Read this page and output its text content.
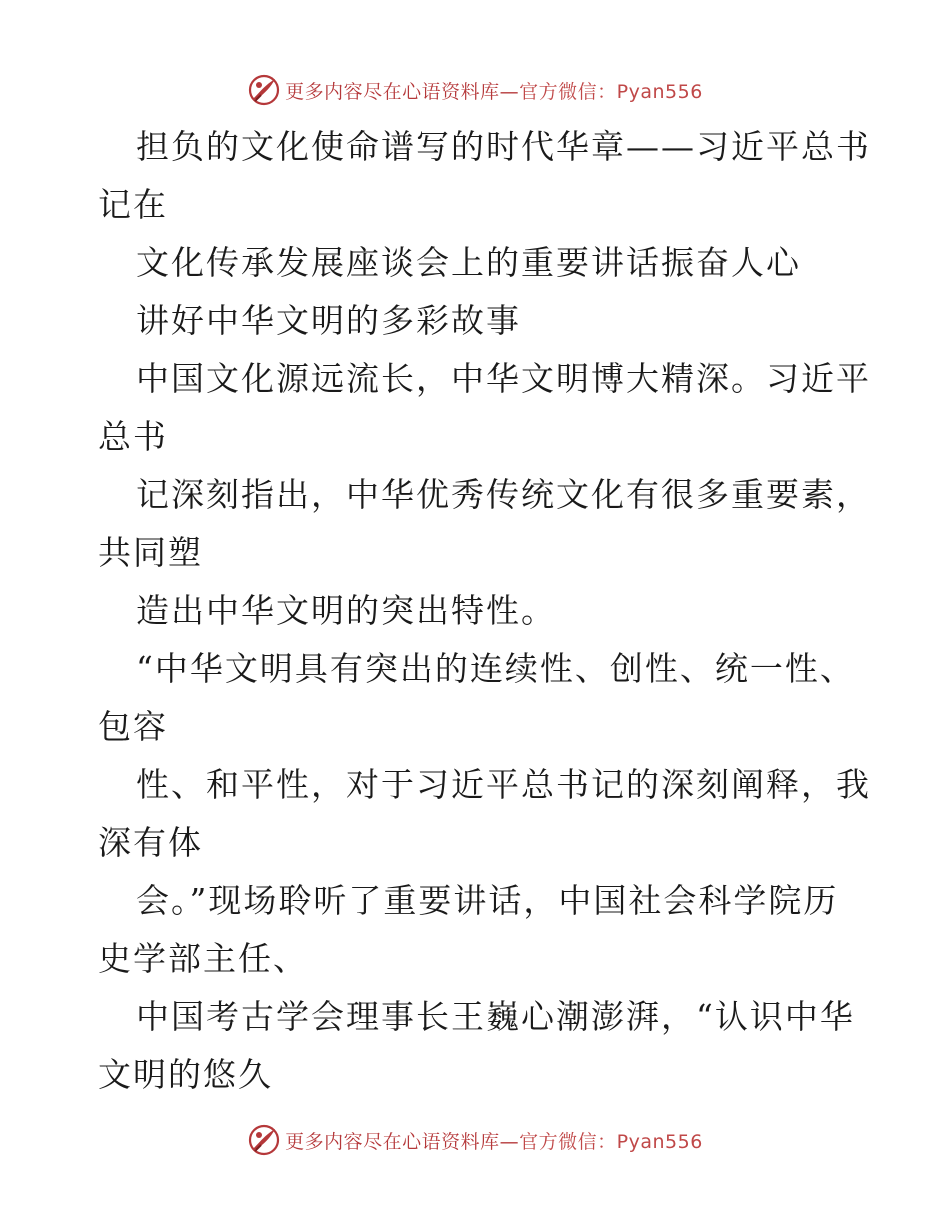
更多内容尽在心语资料库—官方微信：Pyan556
担负的文化使命谱写的时代华章——习近平总书
记在
文化传承发展座谈会上的重要讲话振奋人心
讲好中华文明的多彩故事
中国文化源远流长，中华文明博大精深。习近平
总书
记深刻指出，中华优秀传统文化有很多重要素，
共同塑
造出中华文明的突出特性。
“中华文明具有突出的连续性、创性、统一性、
包容
性、和平性，对于习近平总书记的深刻阐释，我
深有体
会。”现场聆听了重要讲话，中国社会科学院历
史学部主任、
中国考古学会理事长王巍心潮澎湃，“认识中华
文明的悠久
更多内容尽在心语资料库—官方微信：Pyan556
